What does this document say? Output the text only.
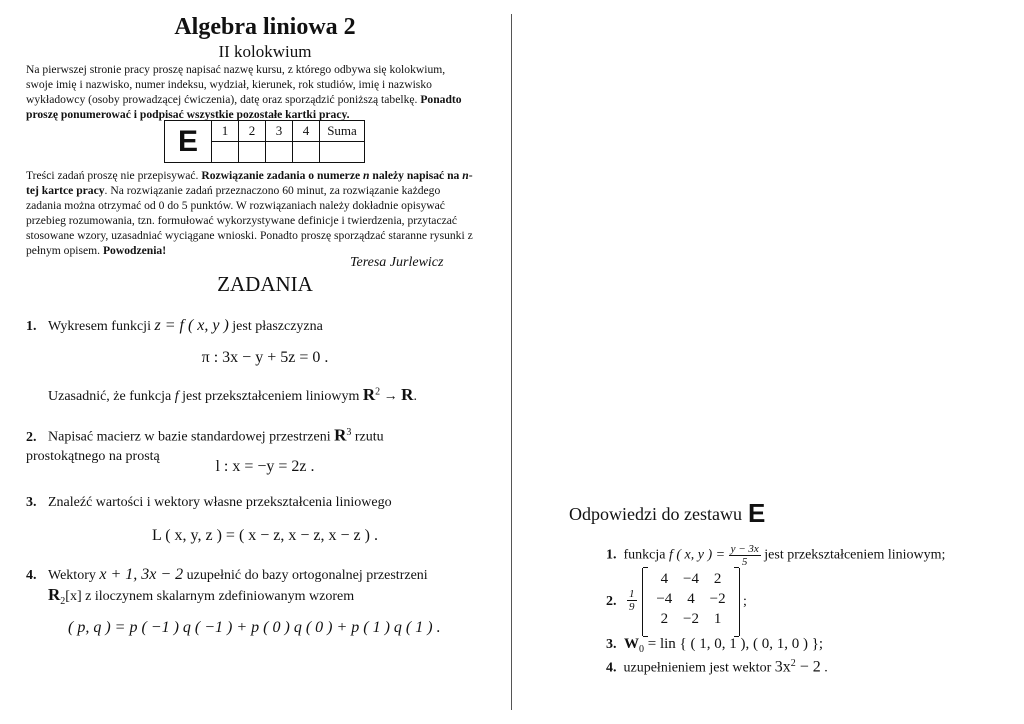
Algebra liniowa 2
II kolokwium
Na pierwszej stronie pracy proszę napisać nazwę kursu, z którego odbywa się kolokwium, swoje imię i nazwisko, numer indeksu, wydział, kierunek, rok studiów, imię i nazwisko wykładowcy (osoby prowadzącej ćwiczenia), datę oraz sporządzić poniższą tabelkę. Ponadto proszę ponumerować i podpisać wszystkie pozostałe kartki pracy.
E	1	2	3	4	Suma

Treści zadań proszę nie przepisywać. Rozwiązanie zadania o numerze n należy napisać na n-tej kartce pracy. Na rozwiązanie zadań przeznaczono 60 minut, za rozwiązanie każdego zadania można otrzymać od 0 do 5 punktów. W rozwiązaniach należy dokładnie opisywać przebieg rozumowania, tzn. formułować wykorzystywane definicje i twierdzenia, przytaczać stosowane wzory, uzasadniać wyciągane wnioski. Ponadto proszę sporządzać staranne rysunki z pełnym opisem. Powodzenia!
Teresa Jurlewicz
ZADANIA
1. Wykresem funkcji z = f ( x, y ) jest płaszczyzna
π : 3x − y + 5z = 0 .
Uzasadnić, że funkcja f jest przekształceniem liniowym $R^2 \to R$.
2. Napisać macierz w bazie standardowej przestrzeni $R^3$ rzutu prostokątnego na prostą
l : x = −y = 2z .
3. Znaleźć wartości i wektory własne przekształcenia liniowego
L ( x, y, z ) = ( x − z, x − z, x − z ) .
4. Wektory x + 1, 3x − 2 uzupełnić do bazy ortogonalnej przestrzeni
$R_2[x]$ z iloczynem skalarnym zdefiniowanym wzorem
( p, q ) = p ( −1 ) q ( −1 ) + p ( 0 ) q ( 0 ) + p ( 1 ) q ( 1 ) .
Odpowiedzi do zestawu E
1. funkcja f ( x, y ) = $\frac{y - 3x}{5}$ jest przekształceniem liniowym;
2. $\frac{1}{9}$
4 −4 2
−4 4 −2
2 −2 1
;
3. $W_0$ = lin { ( 1, 0, 1 ), ( 0, 1, 0 ) };
4. uzupełnieniem jest wektor $3x^2 - 2$ .
